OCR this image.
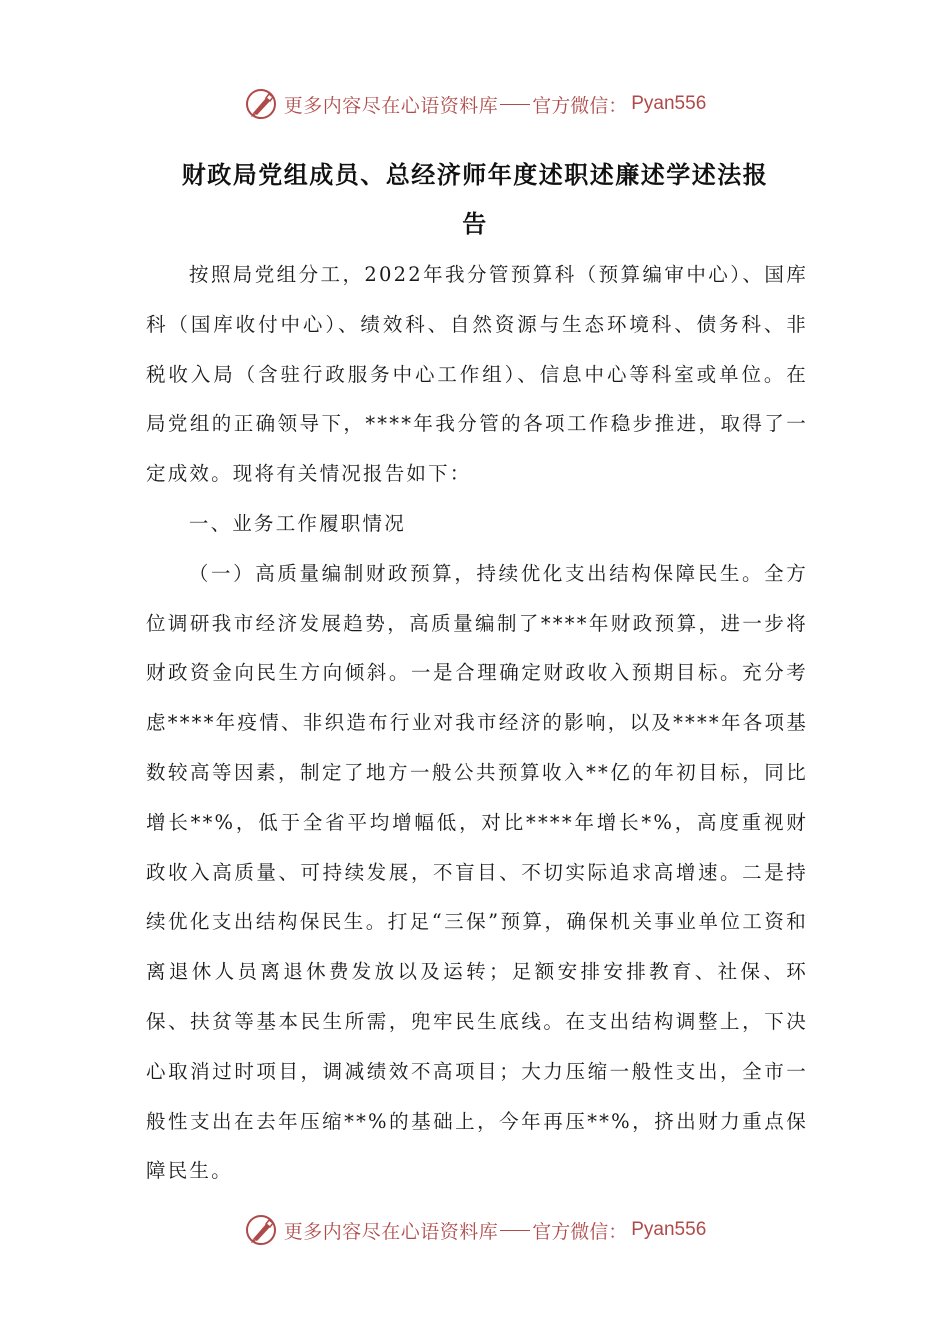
更多内容尽在心语资料库 官方微信： Pyan556
财政局党组成员、总经济师年度述职述廉述学述法报
告

按照局党组分工，2022年我分管预算科（预算编审中心）、国库科（国库收付中心）、绩效科、自然资源与生态环境科、债务科、非税收入局（含驻行政服务中心工作组）、信息中心等科室或单位。在局党组的正确领导下，****年我分管的各项工作稳步推进，取得了一定成效。现将有关情况报告如下：

一、业务工作履职情况

（一）高质量编制财政预算，持续优化支出结构保障民生。全方位调研我市经济发展趋势，高质量编制了****年财政预算，进一步将财政资金向民生方向倾斜。一是合理确定财政收入预期目标。充分考虑****年疫情、非织造布行业对我市经济的影响，以及****年各项基数较高等因素，制定了地方一般公共预算收入**亿的年初目标，同比增长**%，低于全省平均增幅低，对比****年增长*%，高度重视财政收入高质量、可持续发展，不盲目、不切实际追求高增速。二是持续优化支出结构保民生。打足“三保”预算，确保机关事业单位工资和离退休人员离退休费发放以及运转；足额安排安排教育、社保、环保、扶贫等基本民生所需，兜牢民生底线。在支出结构调整上，下决心取消过时项目，调减绩效不高项目；大力压缩一般性支出，全市一般性支出在去年压缩**%的基础上，今年再压**%，挤出财力重点保障民生。

更多内容尽在心语资料库 官方微信： Pyan556
